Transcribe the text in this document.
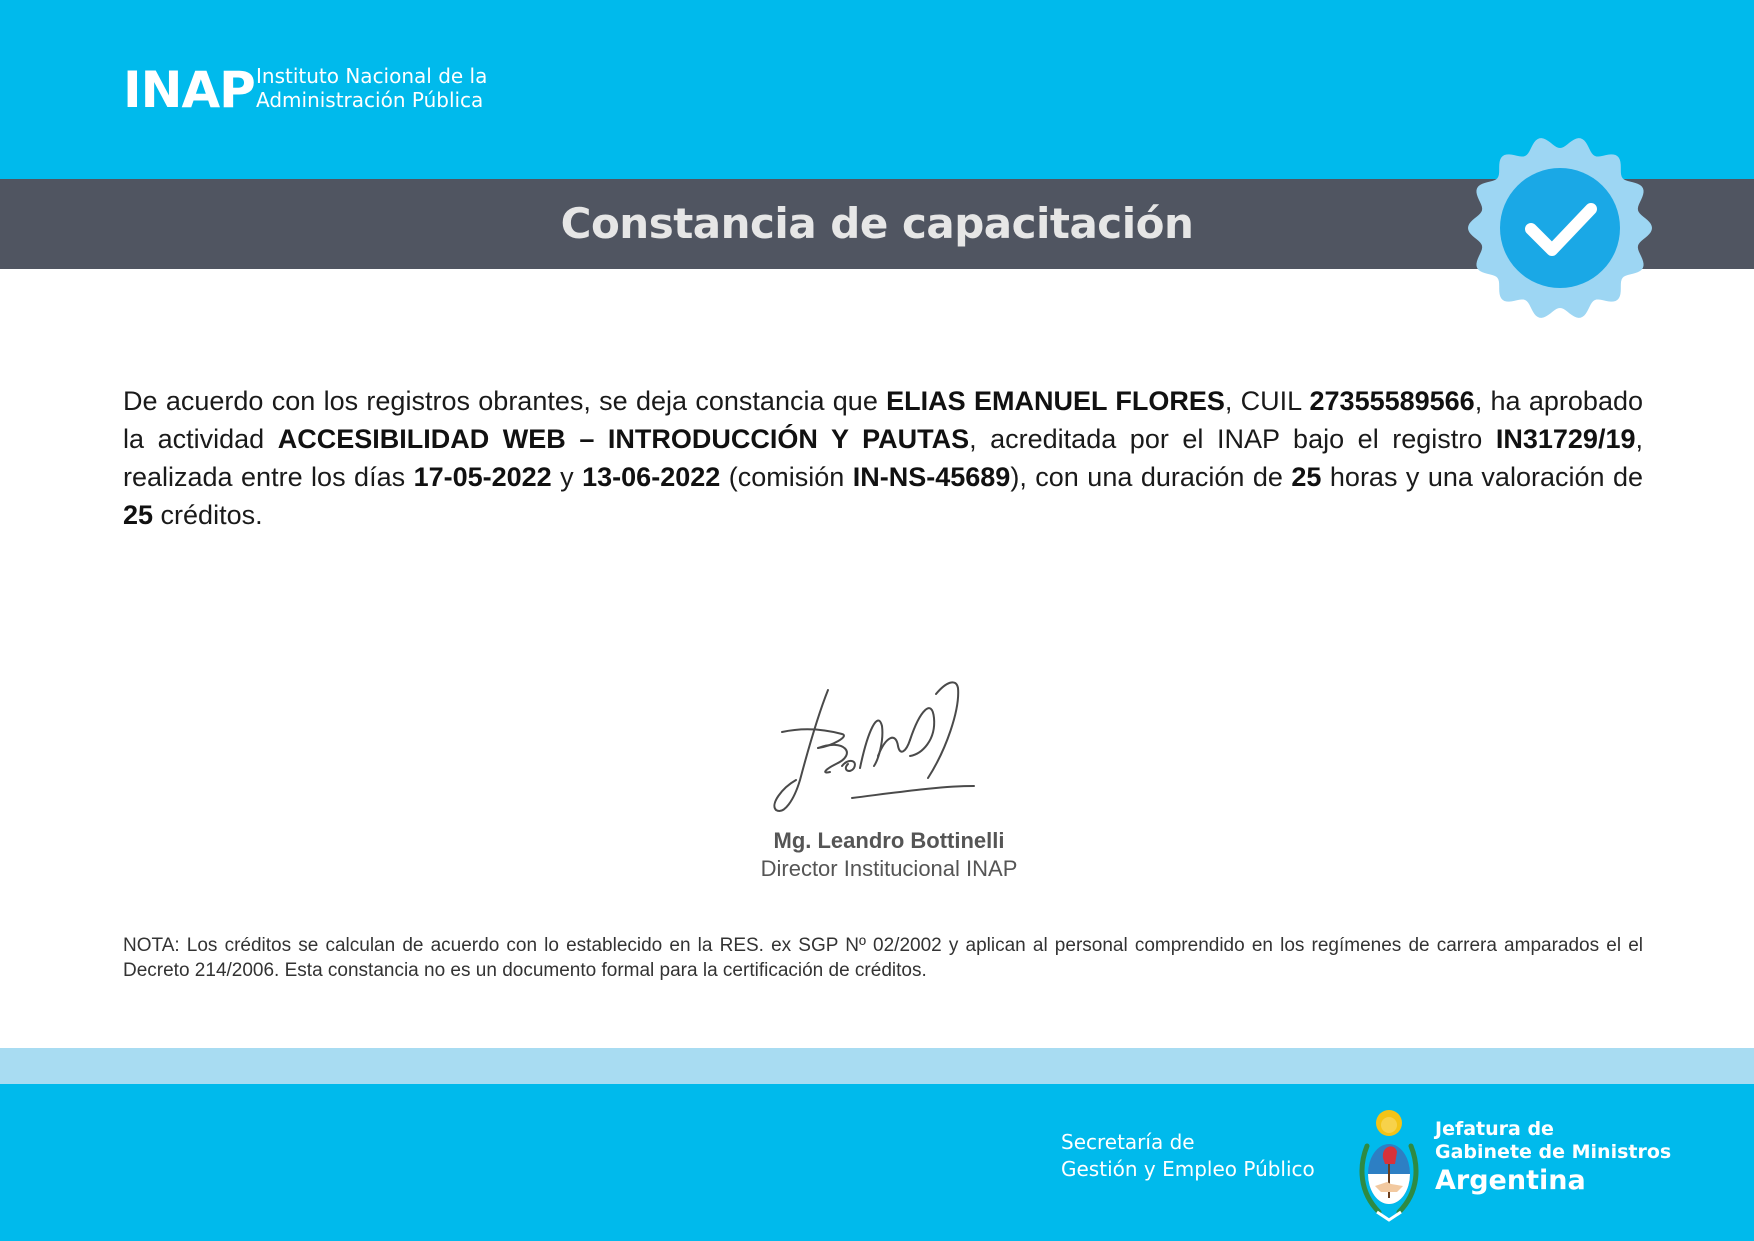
INAP Instituto Nacional de la
Administración Pública
Constancia de capacitación
De acuerdo con los registros obrantes, se deja constancia que ELIAS EMANUEL FLORES, CUIL 27355589566, ha aprobado la actividad ACCESIBILIDAD WEB – INTRODUCCIÓN Y PAUTAS, acreditada por el INAP bajo el registro IN31729/19, realizada entre los días 17-05-2022 y 13-06-2022 (comisión IN-NS-45689), con una duración de 25 horas y una valoración de 25 créditos.
Mg. Leandro Bottinelli
Director Institucional INAP
NOTA: Los créditos se calculan de acuerdo con lo establecido en la RES. ex SGP Nº 02/2002 y aplican al personal comprendido en los regímenes de carrera amparados el el Decreto 214/2006. Esta constancia no es un documento formal para la certificación de créditos.
Secretaría de
Gestión y Empleo Público
Jefatura de
Gabinete de Ministros
Argentina
